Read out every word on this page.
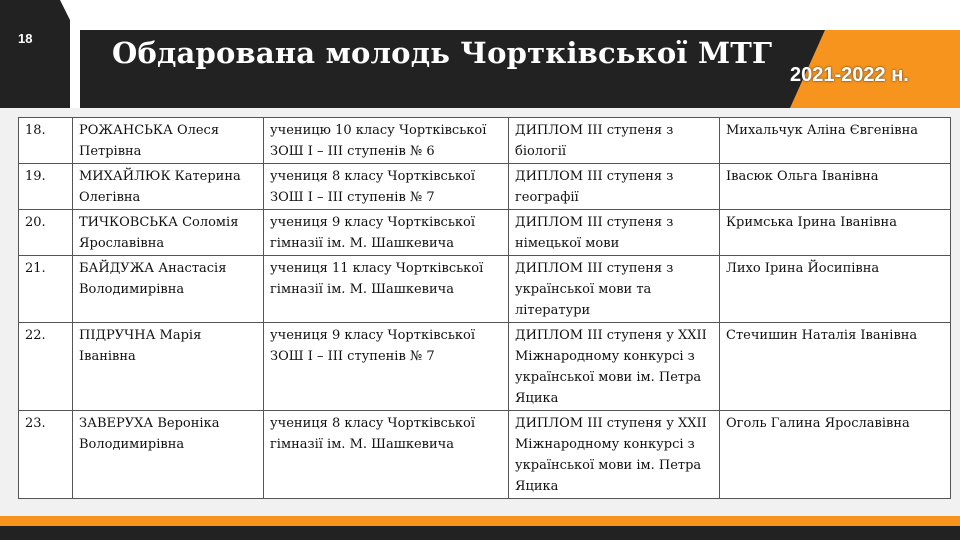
18	Обдарована молодь Чортківської МТГ
2021-2022 н.
18.	РОЖАНСЬКА Олеся Петрівна	ученицю 10 класу Чортківської ЗОШ І – ІІІ ступенів № 6	ДИПЛОМ ІІІ ступеня з біології	Михальчук Аліна Євгенівна
19.	МИХАЙЛЮК Катерина Олегівна	учениця 8 класу Чортківської ЗОШ І – ІІІ ступенів № 7	ДИПЛОМ ІІІ ступеня з географії	Івасюк Ольга Іванівна
20.	ТИЧКОВСЬКА Соломія Ярославівна	учениця 9 класу Чортківської гімназії ім. М. Шашкевича	ДИПЛОМ ІІІ ступеня з німецької мови	Кримська Ірина Іванівна
21.	БАЙДУЖА Анастасія Володимирівна	учениця 11 класу Чортківської гімназії ім. М. Шашкевича	ДИПЛОМ ІІІ ступеня з української мови та літератури	Лихо Ірина Йосипівна
22.	ПІДРУЧНА Марія Іванівна	учениця 9 класу Чортківської ЗОШ І – ІІІ ступенів № 7	ДИПЛОМ ІІІ ступеня у ХХІІ Міжнародному конкурсі з української мови ім. Петра Яцика	Стечишин Наталія Іванівна
23.	ЗАВЕРУХА Вероніка Володимирівна	учениця 8 класу Чортківської гімназії ім. М. Шашкевича	ДИПЛОМ ІІІ ступеня у ХХІІ Міжнародному конкурсі з української мови ім. Петра Яцика	Оголь Галина Ярославівна
